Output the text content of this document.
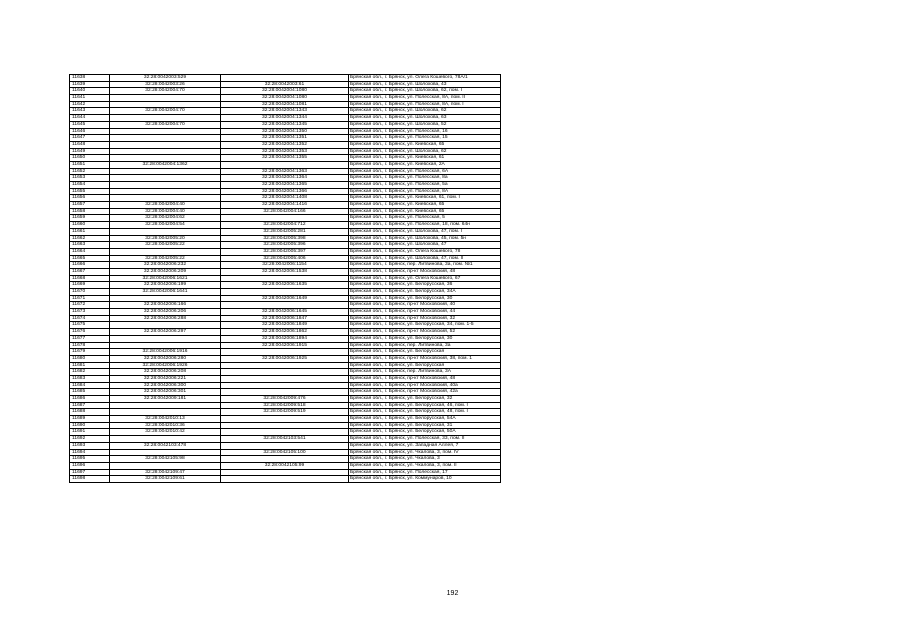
11638	32:28:0042003:529		Брянская обл., г. Брянск, ул. Олега Кошевого, 78А/1
11639	32:28:0042003:26	32:28:0042003:61	Брянская обл., г. Брянск, ул. Шолохова, 43
11640	32:28:0042004:70	32:28:0042004:1080	Брянская обл., г. Брянск, ул. Шолохова, 62, пом. I
11641		32:28:0042004:1080	Брянская обл., г. Брянск, ул. Полесская, 8А, пом. II
11642		32:28:0042004:1081	Брянская обл., г. Брянск, ул. Полесская, 8А, пом. I
11643	32:28:0042004:70	32:28:0042004:1343	Брянская обл., г. Брянск, ул. Шолохова, 62
11644		32:28:0042004:1344	Брянская обл., г. Брянск, ул. Шолохова, 63
11645	32:28:0042004:70	32:28:0042004:1345	Брянская обл., г. Брянск, ул. Шолохова, 52
11646		32:28:0042004:1350	Брянская обл., г. Брянск, ул. Полесская, 16
11647		32:28:0042004:1351	Брянская обл., г. Брянск, ул. Полесская, 15
11648		32:28:0042004:1352	Брянская обл., г. Брянск, ул. Киевская, 65
11649		32:28:0042004:1353	Брянская обл., г. Брянск, ул. Шолохова, 62
11650		32:28:0042004:1355	Брянская обл., г. Брянск, ул. Киевская, 61
11651	32:28:0042004:1362		Брянская обл., г. Брянск, ул. Киевская, 2А
11652		32:28:0042004:1363	Брянская обл., г. Брянск, ул. Полесская, 6А
11653		32:28:0042004:1364	Брянская обл., г. Брянск, ул. Полесская, 8а
11654		32:28:0042004:1365	Брянская обл., г. Брянск, ул. Полесская, 5а
11655		32:28:0042004:1366	Брянская обл., г. Брянск, ул. Полесская, 8А
11656		32:28:0042004:1408	Брянская обл., г. Брянск, ул. Киевская, 61, пом. I
11657	32:28:0042004:40	32:28:0042004:1416	Брянская обл., г. Брянск, ул. Киевская, 65
11658	32:28:0042004:40	32:28:0042004:166	Брянская обл., г. Брянск, ул. Киевская, 65
11659	32:28:0042004:62		Брянская обл., г. Брянск, ул. Полесская, 5
11660	32:28:0042004:54	32:28:0042004:712	Брянская обл., г. Брянск, ул. Полесская, 18, пом. 64н
11661		32:28:0042005:281	Брянская обл., г. Брянск, ул. Шолохова, 47, пом. I
11662	32:28:0042005:20	32:28:0042005:398	Брянская обл., г. Брянск, ул. Шолохова, 45, пом. 5н
11663	32:28:0042005:22	32:28:0042005:396	Брянская обл., г. Брянск, ул. Шолохова, 47
11664		32:28:0042005:397	Брянская обл., г. Брянск, ул. Олега Кошевого, 78
11665	32:28:0042005:22	32:28:0042005:406	Брянская обл., г. Брянск, ул. Шолохова, 47, пом. II
11666	32:28:0042006:232	32:28:0042006:1154	Брянская обл., г. Брянск, пер. Литвинова, 3а, пом. №1
11667	32:28:0042006:209	32:28:0042006:1538	Брянская обл., г. Брянск, пр-кт Московский, 48
11668	32:28:0042006:1621		Брянская обл., г. Брянск, ул. Олега Кошевого, 67
11669	32:28:0042006:199	32:28:0042006:1635	Брянская обл., г. Брянск, ул. Белорусская, 36
11670	32:28:0042006:1641		Брянская обл., г. Брянск, ул. Белорусская, 34А
11671		32:28:0042006:1649	Брянская обл., г. Брянск, ул. Белорусская, 30
11672	32:28:0042006:166		Брянская обл., г. Брянск, пр-кт Московский, 40
11673	32:28:0042006:206	32:28:0042006:1645	Брянская обл., г. Брянск, пр-кт Московский, 44
11674	32:28:0042006:288	32:28:0042006:1847	Брянская обл., г. Брянск, пр-кт Московский, 32
11675		32:28:0042006:1849	Брянская обл., г. Брянск, ул. Белорусская, 34, пом. 1-5
11676	32:28:0042006:297	32:28:0042006:1862	Брянская обл., г. Брянск, пр-кт Московский, 52
11677		32:28:0042006:1894	Брянская обл., г. Брянск, ул. Белорусская, 30
11678		32:28:0042006:1915	Брянская обл., г. Брянск, пер. Литвинова, 3а
11679	32:28:0042006:1916		Брянская обл., г. Брянск, ул. Белорусская
11680	32:28:0042006:280	32:28:0042006:1925	Брянская обл., г. Брянск, пр-кт Московский, 38, пом. 1
11681	32:28:0042006:1926		Брянская обл., г. Брянск, ул. Белорусская
11682	32:28:0042006:208		Брянская обл., г. Брянск, пер. Литвинова, 3А
11683	32:28:0042006:221		Брянская обл., г. Брянск, пр-кт Московский, 48
11684	32:28:0042006:300		Брянская обл., г. Брянск, пр-кт Московский, 40а
11685	32:28:0042006:301		Брянская обл., г. Брянск, пр-кт Московский, 42а
11686	32:28:0042009:181	32:28:0042009:476	Брянская обл., г. Брянск, ул. Белорусская, 32
11687		32:28:0042009:518	Брянская обл., г. Брянск, ул. Белорусская, 46, пом. I
11688		32:28:0042009:519	Брянская обл., г. Брянск, ул. Белорусская, 48, пом. I
11689	32:28:0042010:13		Брянская обл., г. Брянск, ул. Белорусская, 54А
11690	32:28:0042010:36		Брянская обл., г. Брянск, ул. Белорусская, 31
11691	32:28:0042010:42		Брянская обл., г. Брянск, ул. Белорусская, 50А
11692		32:28:0042103:541	Брянская обл., г. Брянск, ул. Полесская, 33, пом. II
11693	32:28:0042103:478		Брянская обл., г. Брянск, ул. Западная Аллея, 7
11694		32:28:0042105:100	Брянская обл., г. Брянск, ул. Чкалова, 3, пом. IV
11695	32:28:0042105:98		Брянская обл., г. Брянск, ул. Чкалова, 3
11696		32:28:0042105:99	Брянская обл., г. Брянск, ул. Чкалова, 3, пом. II
11697	32:28:0042109:47		Брянская обл., г. Брянск, ул. Полесская, 17
11698	32:28:0042109:61		Брянская обл., г. Брянск, ул. Коммунаров, 10
192
